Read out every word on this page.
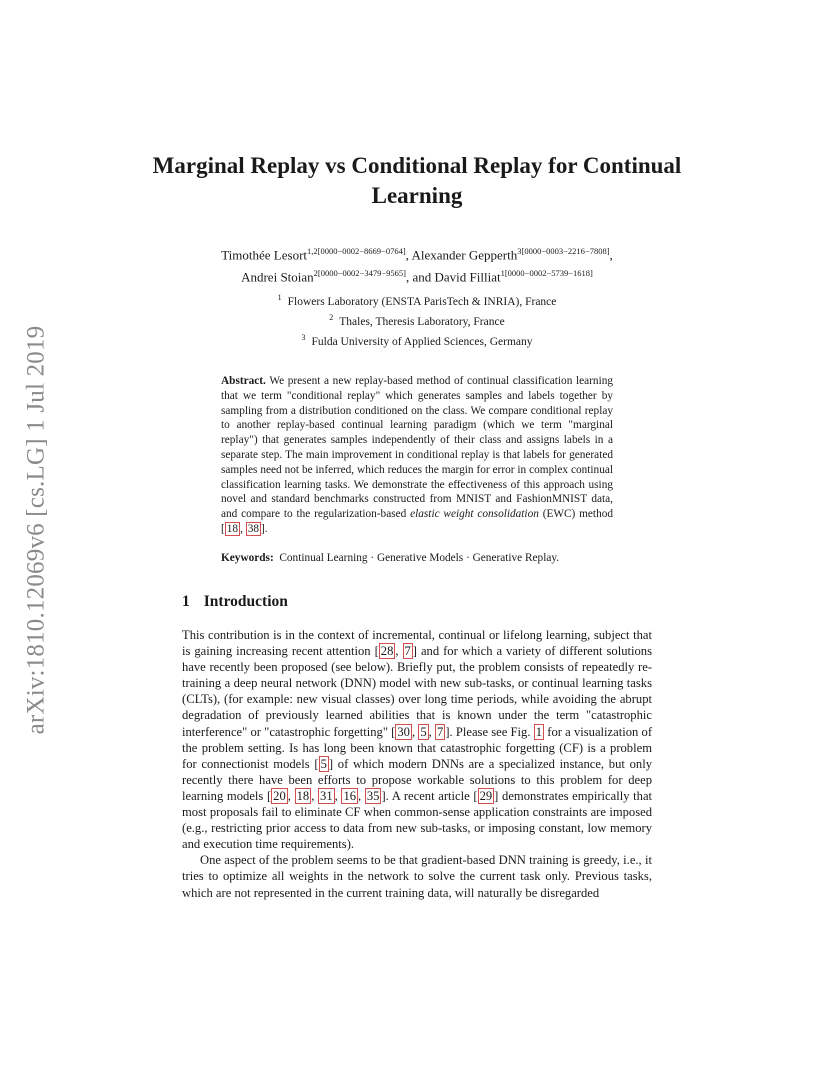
arXiv:1810.12069v6 [cs.LG] 1 Jul 2019
Marginal Replay vs Conditional Replay for Continual Learning
Timothée Lesort$^{1,2[0000-0002-8669-0764]}$, Alexander Gepperth$^{3[0000-0003-2216-7808]}$,
Andrei Stoian$^{2[0000-0002-3479-9565]}$, and David Filliat$^{1[0000-0002-5739-1618]}$
$^1$ Flowers Laboratory (ENSTA ParisTech & INRIA), France
$^2$ Thales, Theresis Laboratory, France
$^3$ Fulda University of Applied Sciences, Germany
Abstract. We present a new replay-based method of continual classification learning that we term "conditional replay" which generates samples and labels together by sampling from a distribution conditioned on the class. We compare conditional replay to another replay-based continual learning paradigm (which we term "marginal replay") that generates samples independently of their class and assigns labels in a separate step. The main improvement in conditional replay is that labels for generated samples need not be inferred, which reduces the margin for error in complex continual classification learning tasks. We demonstrate the effectiveness of this approach using novel and standard benchmarks constructed from MNIST and FashionMNIST data, and compare to the regularization-based elastic weight consolidation (EWC) method [ 18 , 38 ].
Keywords: Continual Learning · Generative Models · Generative Replay.
1 Introduction

This contribution is in the context of incremental, continual or lifelong learning, subject that is gaining increasing recent attention [ 28 , 7 ] and for which a variety of different solutions have recently been proposed (see below). Briefly put, the problem consists of repeatedly re-training a deep neural network (DNN) model with new sub-tasks, or continual learning tasks (CLTs), (for example: new visual classes) over long time periods, while avoiding the abrupt degradation of previously learned abilities that is known under the term "catastrophic interference" or "catastrophic forgetting" [ 30 , 5 , 7 ]. Please see Fig. 1 for a visualization of the problem setting. Is has long been known that catastrophic forgetting (CF) is a problem for connectionist models [ 5 ] of which modern DNNs are a specialized instance, but only recently there have been efforts to propose workable solutions to this problem for deep learning models [ 20 , 18 , 31 , 16 , 35 ]. A recent article [ 29 ] demonstrates empirically that most proposals fail to eliminate CF when common-sense application constraints are imposed (e.g., restricting prior access to data from new sub-tasks, or imposing constant, low memory and execution time requirements).

One aspect of the problem seems to be that gradient-based DNN training is greedy, i.e., it tries to optimize all weights in the network to solve the current task only. Previous tasks, which are not represented in the current training data, will naturally be disregarded
